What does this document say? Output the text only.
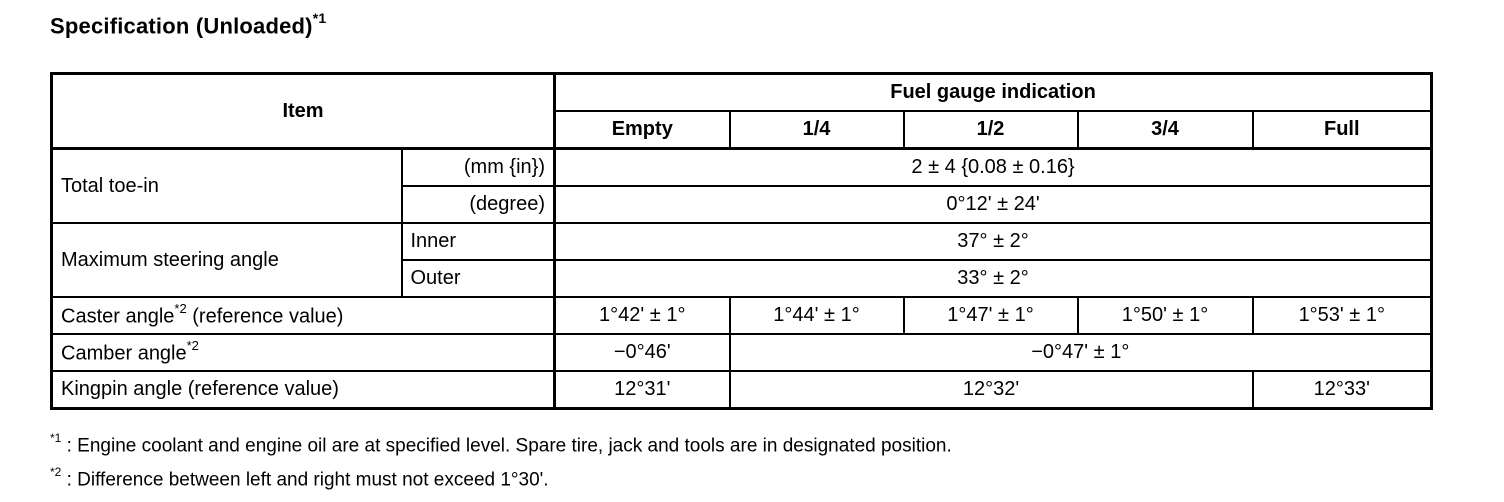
Specification (Unloaded)$^{*1}$
Item		Fuel gauge indication				
		Empty	1/4	1/2	3/4	Full
Total toe-in	(mm {in})	2 ± 4 {0.08 ± 0.16}				
	(degree)	0°12' ± 24'				
Maximum steering angle	Inner	37° ± 2°				
	Outer	33° ± 2°				
Caster angle$^{*2}$ (reference value)		1°42' ± 1°	1°44' ± 1°	1°47' ± 1°	1°50' ± 1°	1°53' ± 1°
Camber angle$^{*2}$		−0°46'	−0°47' ± 1°			
Kingpin angle (reference value)		12°31'	12°32'			12°33'
$^{*1}$ : Engine coolant and engine oil are at specified level. Spare tire, jack and tools are in designated position.
$^{*2}$ : Difference between left and right must not exceed 1°30'.
